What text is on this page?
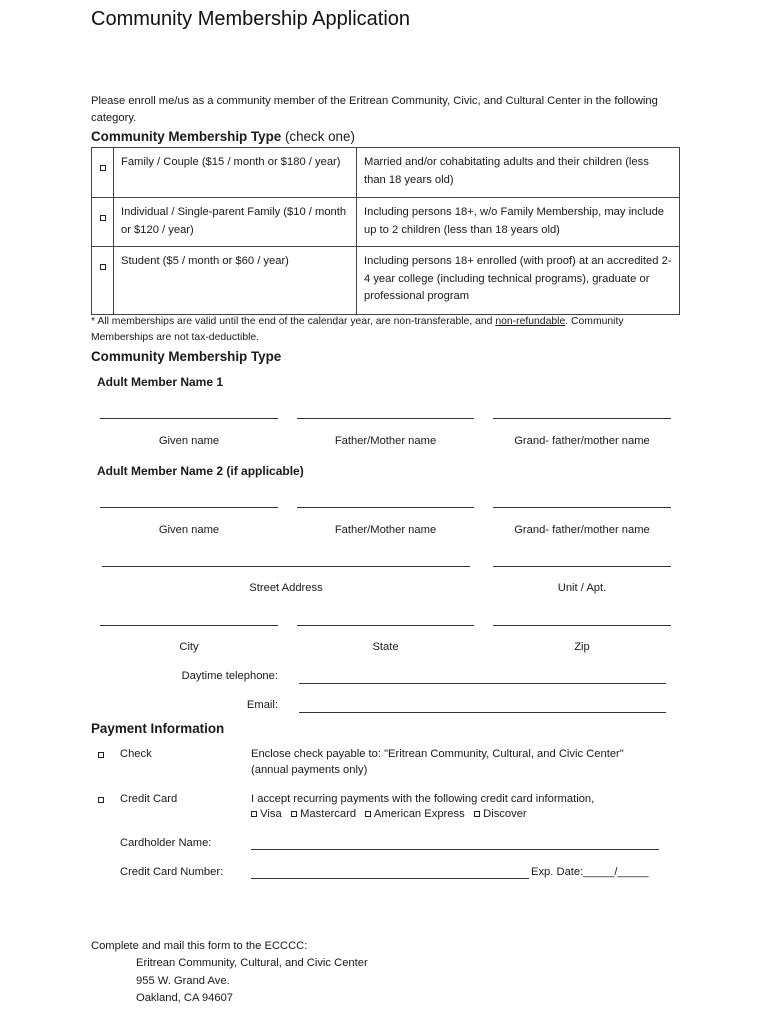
Community Membership Application
Please enroll me/us as a community member of the Eritrean Community, Civic, and Cultural Center in the following category.
Community Membership Type (check one)
	Family / Couple ($15 / month or $180 / year)	Married and/or cohabitating adults and their children (less than 18 years old)
	Individual / Single-parent Family ($10 / month or $120 / year)	Including persons 18+, w/o Family Membership, may include up to 2 children (less than 18 years old)
	Student ($5 / month or $60 / year)	Including persons 18+ enrolled (with proof) at an accredited 2-4 year college (including technical programs), graduate or professional program
* All memberships are valid until the end of the calendar year, are non-transferable, and non-refundable. Community Memberships are not tax-deductible.
Community Membership Type
Adult Member Name 1
Given name	Father/Mother name	Grand- father/mother name
Adult Member Name 2 (if applicable)
Given name	Father/Mother name	Grand- father/mother name
Street Address	Unit / Apt.
City	State	Zip
Daytime telephone:
Email:
Payment Information
Check	Enclose check payable to: "Eritrean Community, Cultural, and Civic Center"
(annual payments only)
Credit Card	I accept recurring payments with the following credit card information,
Visa Mastercard American Express Discover
Cardholder Name:
Credit Card Number:	Exp. Date:_____/_____
Complete and mail this form to the ECCCC:
Eritrean Community, Cultural, and Civic Center
955 W. Grand Ave.
Oakland, CA 94607
